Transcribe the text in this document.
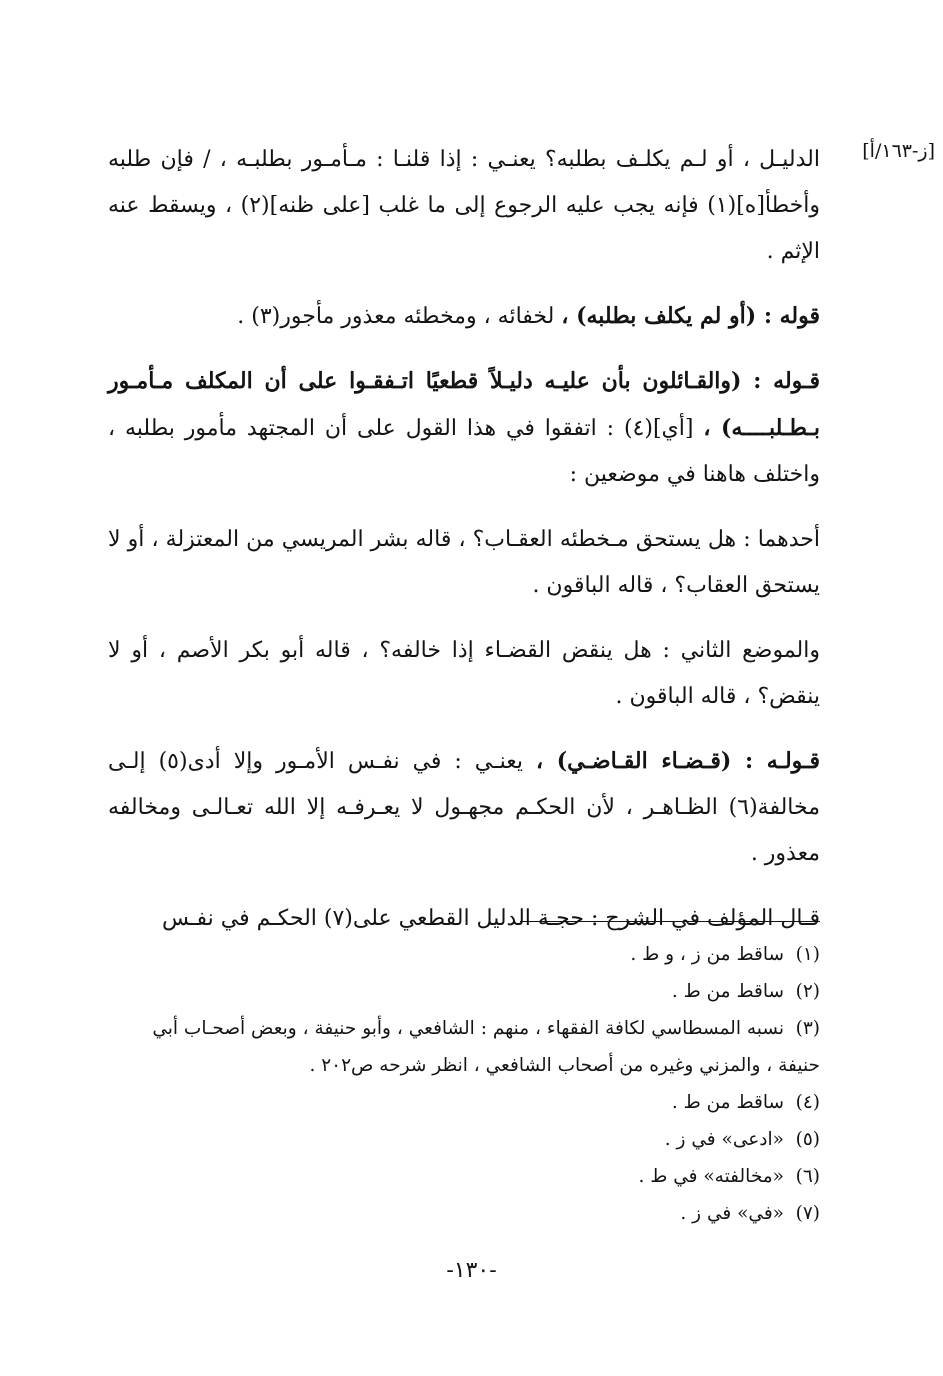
[ز-١٦٣/أ]

الدليـل ، أو لـم يكلـف بطلبه؟ يعنـي : إذا قلنـا : مـأمـور بطلبـه ، / فإن طلبه وأخطأ[ه](١) فإنه يجب عليه الرجوع إلى ما غلب [على ظنه](٢) ، ويسقط عنه الإثم .

قوله : (أو لم يكلف بطلبه) ، لخفائه ، ومخطئه معذور مأجور(٣) .

قـوله : (والقـائلون بأن عليـه دليـلاً قطعيًا اتـفقـوا على أن المكلف مـأمـور بـطـلبــــه) ، [أي](٤) : اتفقوا في هذا القول على أن المجتهد مأمور بطلبه ، واختلف هاهنا في موضعين :

أحدهما : هل يستحق مـخطئه العقـاب؟ ، قاله بشر المريسي من المعتزلة ، أو لا يستحق العقاب؟ ، قاله الباقون .

والموضع الثاني : هل ينقض القضـاء إذا خالفه؟ ، قاله أبو بكر الأصم ، أو لا ينقض؟ ، قاله الباقون .

قـولـه : (قـضـاء القـاضـي) ، يعنـي : في نفـس الأمـور وإلا أدى(٥) إلـى مخالفة(٦) الظـاهـر ، لأن الحكـم مجهـول لا يعـرفـه إلا الله تعـالـى ومخالفه معذور .

قـال المؤلف في الشرح : حجـة الدليل القطعي على(٧) الحكـم في نفـس

(١)ساقط من ز ، و ط .
(٢)ساقط من ط .
(٣)نسبه المسطاسي لكافة الفقهاء ، منهم : الشافعي ، وأبو حنيفة ، وبعض أصحـاب أبي حنيفة ، والمزني وغيره من أصحاب الشافعي ، انظر شرحه ص٢٠٢ .
(٤)ساقط من ط .
(٥)«ادعى» في ز .
(٦)«مخالفته» في ط .
(٧)«في» في ز .
-١٣٠-
